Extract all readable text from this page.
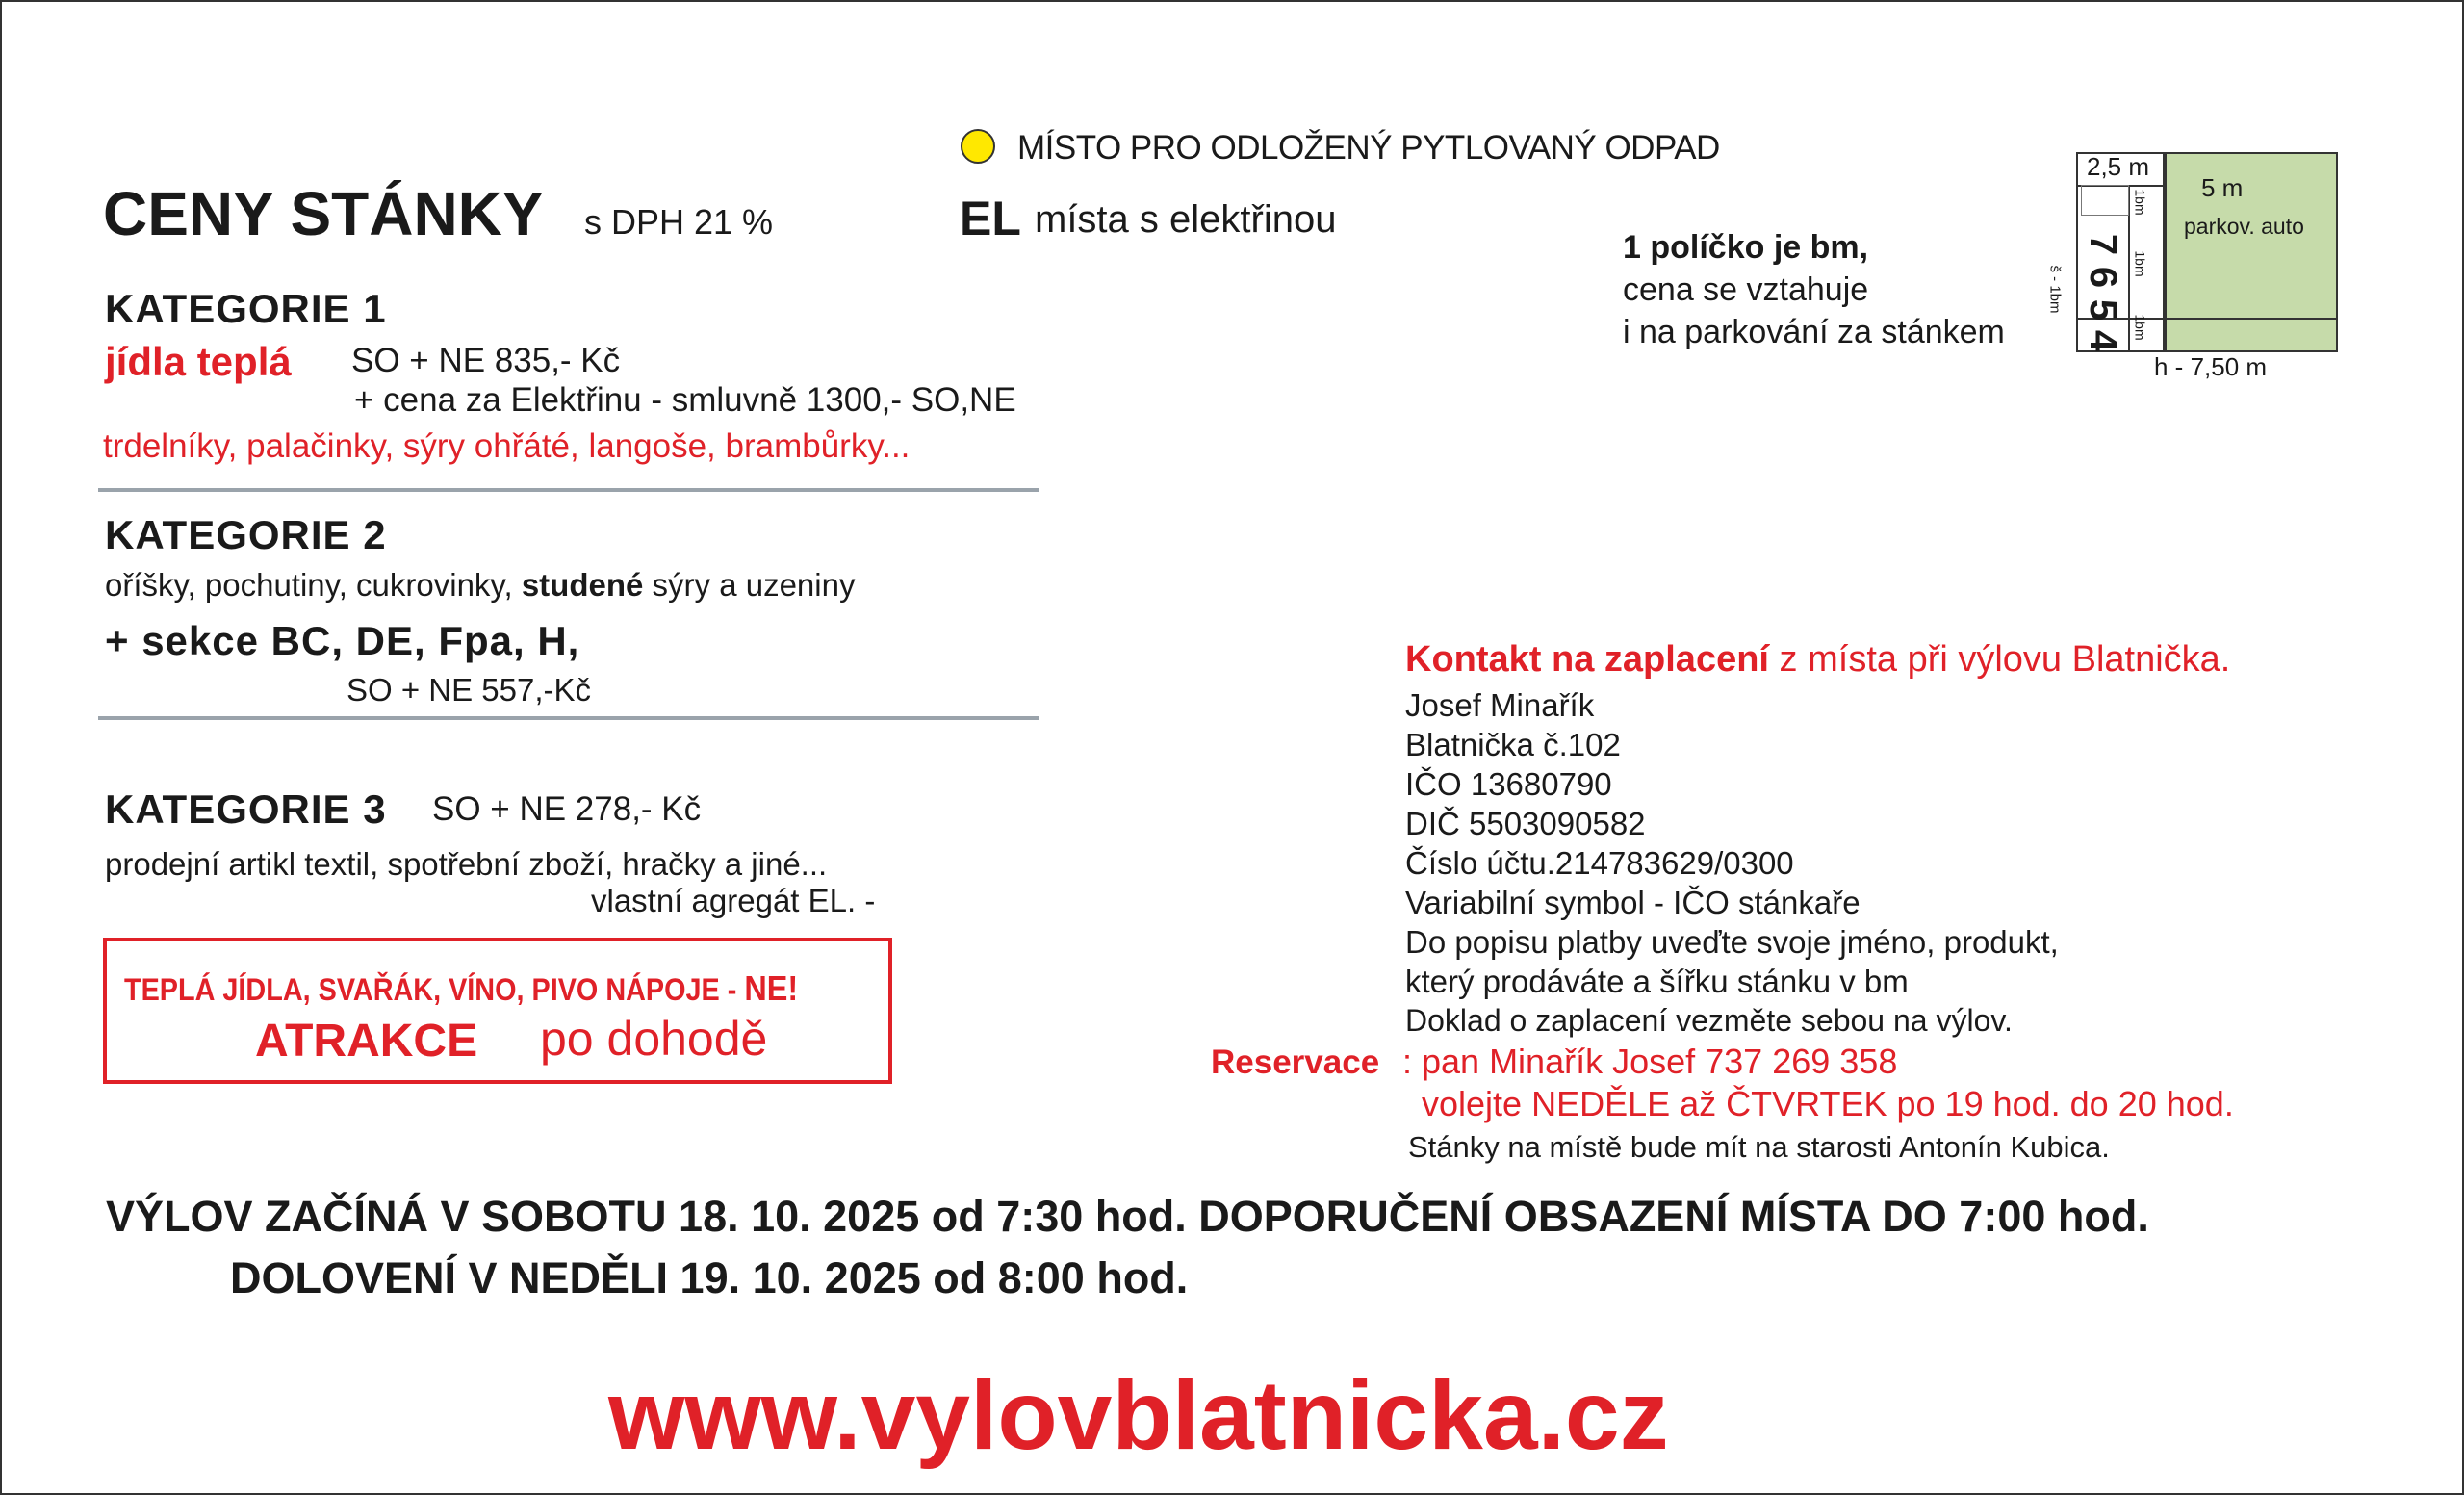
MÍSTO PRO ODLOŽENÝ PYTLOVANÝ ODPAD
EL místa s elektřinou
CENY STÁNKY s DPH 21 %
KATEGORIE 1
jídla teplá SO + NE 835,- Kč
+ cena za Elektřinu - smluvně 1300,- SO,NE
trdelníky, palačinky, sýry ohřáté, langoše, brambůrky...
KATEGORIE 2
oříšky, pochutiny, cukrovinky, studené sýry a uzeniny
+ sekce BC, DE, Fpa, H,
SO + NE 557,-Kč
KATEGORIE 3 SO + NE 278,- Kč
prodejní artikl textil, spotřební zboží, hračky a jiné...
vlastní agregát EL. -
TEPLÁ JÍDLA, SVAŘÁK, VÍNO, PIVO NÁPOJE - NE!
ATRAKCE po dohodě
1 políčko je bm,
cena se vztahuje
i na parkování za stánkem
2,5 m
5 m
parkov. auto
h - 7,50 m
š - 1bm
1bm
1bm
1bm
7
6
5
4
Kontakt na zaplacení z místa při výlovu Blatnička.
Josef Minařík
Blatnička č.102
IČO 13680790
DIČ 5503090582
Číslo účtu.214783629/0300
Variabilní symbol - IČO stánkaře
Do popisu platby uveďte svoje jméno, produkt,
který prodáváte a šířku stánku v bm
Doklad o zaplacení vezměte sebou na výlov.
Reservace : pan Minařík Josef 737 269 358
volejte NEDĚLE až ČTVRTEK po 19 hod. do 20 hod.
Stánky na místě bude mít na starosti Antonín Kubica.
VÝLOV ZAČÍNÁ V SOBOTU 18. 10. 2025 od 7:30 hod. DOPORUČENÍ OBSAZENÍ MÍSTA DO 7:00 hod.
DOLOVENÍ V NEDĚLI 19. 10. 2025 od 8:00 hod.
www.vylovblatnicka.cz
